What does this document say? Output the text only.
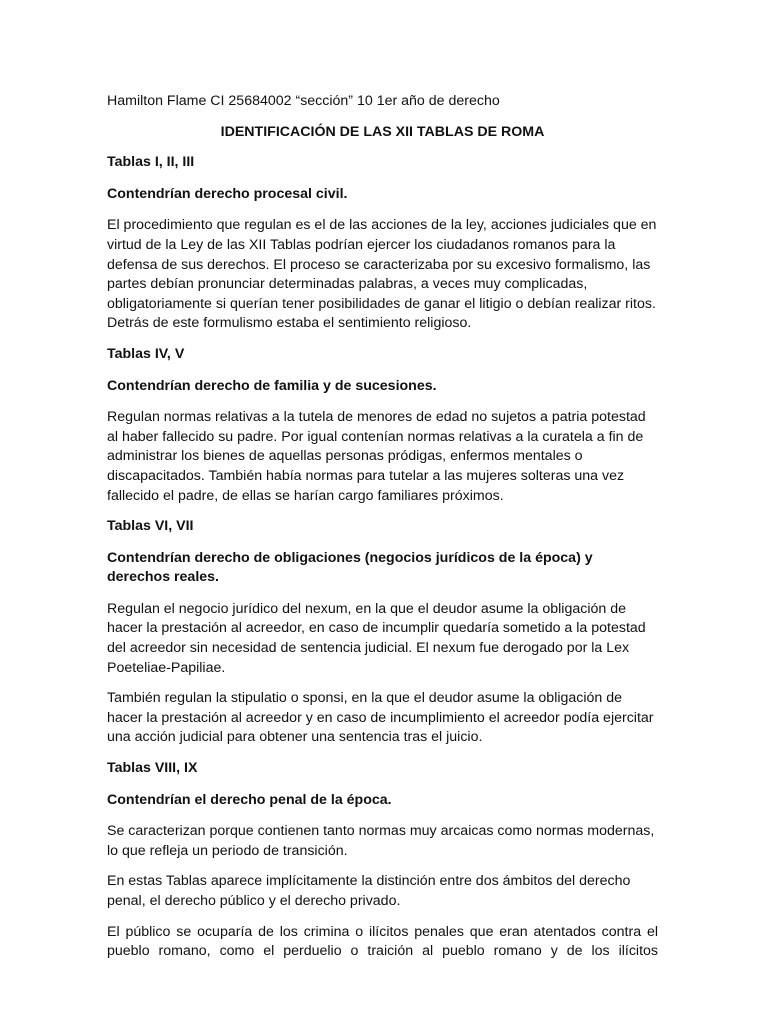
Hamilton Flame CI 25684002 “sección” 10 1er año de derecho

IDENTIFICACIÓN DE LAS XII TABLAS DE ROMA

Tablas I, II, III

Contendrían derecho procesal civil.

El procedimiento que regulan es el de las acciones de la ley, acciones judiciales que en virtud de la Ley de las XII Tablas podrían ejercer los ciudadanos romanos para la defensa de sus derechos. El proceso se caracterizaba por su excesivo formalismo, las partes debían pronunciar determinadas palabras, a veces muy complicadas, obligatoriamente si querían tener posibilidades de ganar el litigio o debían realizar ritos. Detrás de este formulismo estaba el sentimiento religioso.

Tablas IV, V

Contendrían derecho de familia y de sucesiones.

Regulan normas relativas a la tutela de menores de edad no sujetos a patria potestad al haber fallecido su padre. Por igual contenían normas relativas a la curatela a fin de administrar los bienes de aquellas personas pródigas, enfermos mentales o discapacitados. También había normas para tutelar a las mujeres solteras una vez fallecido el padre, de ellas se harían cargo familiares próximos.

Tablas VI, VII

Contendrían derecho de obligaciones (negocios jurídicos de la época) y derechos reales.

Regulan el negocio jurídico del nexum, en la que el deudor asume la obligación de hacer la prestación al acreedor, en caso de incumplir quedaría sometido a la potestad del acreedor sin necesidad de sentencia judicial. El nexum fue derogado por la Lex Poeteliae-Papiliae.

También regulan la stipulatio o sponsi, en la que el deudor asume la obligación de hacer la prestación al acreedor y en caso de incumplimiento el acreedor podía ejercitar una acción judicial para obtener una sentencia tras el juicio.

Tablas VIII, IX

Contendrían el derecho penal de la época.

Se caracterizan porque contienen tanto normas muy arcaicas como normas modernas, lo que refleja un periodo de transición.

En estas Tablas aparece implícitamente la distinción entre dos ámbitos del derecho penal, el derecho público y el derecho privado.

El público se ocuparía de los crimina o ilícitos penales que eran atentados contra el pueblo romano, como el perduelio o traición al pueblo romano y de los ilícitos
